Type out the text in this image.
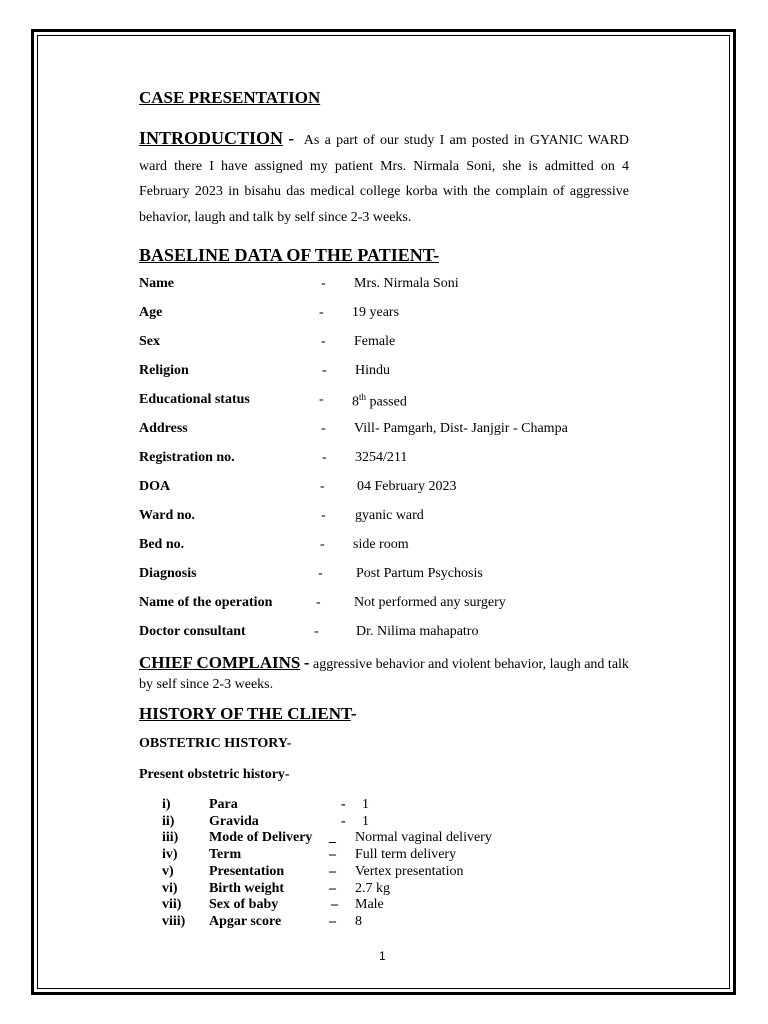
CASE PRESENTATION
INTRODUCTION - As a part of our study I am posted in GYANIC WARD ward there I have assigned my patient Mrs. Nirmala Soni, she is admitted on 4 February 2023 in bisahu das medical college korba with the complain of aggressive behavior, laugh and talk by self since 2-3 weeks.
BASELINE DATA OF THE PATIENT-
Name	- Mrs. Nirmala Soni
Age	- 19 years
Sex	- Female
Religion	- Hindu
Educational status	- 8th passed
Address	- Vill- Pamgarh, Dist- Janjgir - Champa
Registration no.	- 3254/211
DOA	- 04 February 2023
Ward no.	- gyanic ward
Bed no.	- side room
Diagnosis	- Post Partum Psychosis
Name of the operation	- Not performed any surgery
Doctor consultant	-	Dr. Nilima mahapatro
CHIEF COMPLAINS - aggressive behavior and violent behavior, laugh and talk by self since 2-3 weeks.
HISTORY OF THE CLIENT-
OBSTETRIC HISTORY-
Present obstetric history-
i)	Para	- 1
ii) Gravida	- 1
iii) Mode of Delivery _ Normal vaginal delivery
iv) Term	– Full term delivery
v)	Presentation	– Vertex presentation
vi) Birth weight	– 2.7 kg
vii) Sex of baby	– Male
viii) Apgar score	– 8
1
